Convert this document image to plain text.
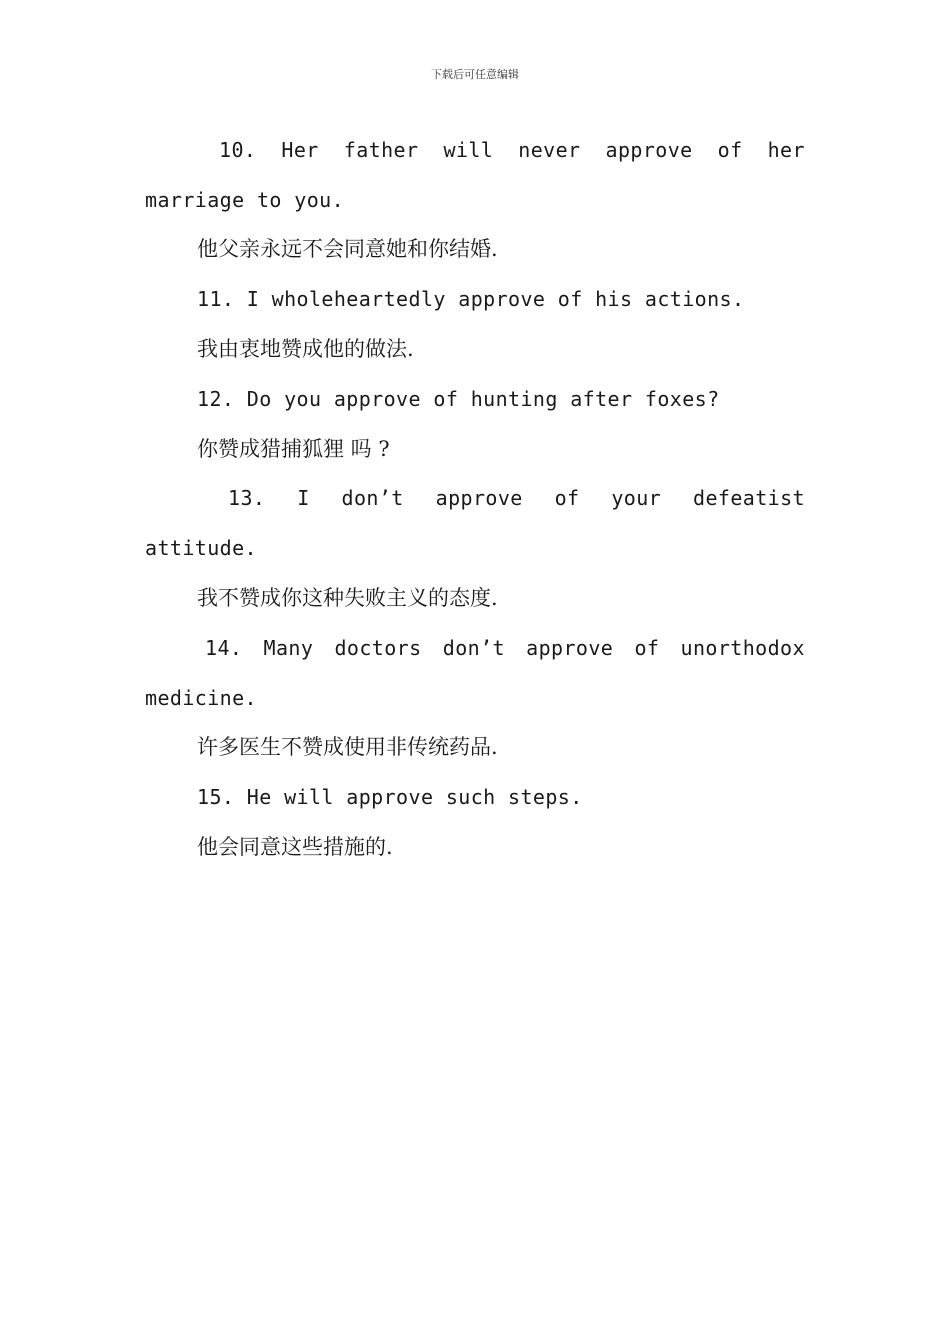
下载后可任意编辑
10. Her father will never approve of her
marriage to you.
他父亲永远不会同意她和你结婚.
11. I wholeheartedly approve of his actions.
我由衷地赞成他的做法.
12. Do you approve of hunting after foxes?
你赞成猎捕狐狸 吗 ?
13. I don’t approve of your defeatist
attitude.
我不赞成你这种失败主义的态度.
14. Many doctors don’t approve of unorthodox
medicine.
许多医生不赞成使用非传统药品.
15. He will approve such steps.
他会同意这些措施的.
